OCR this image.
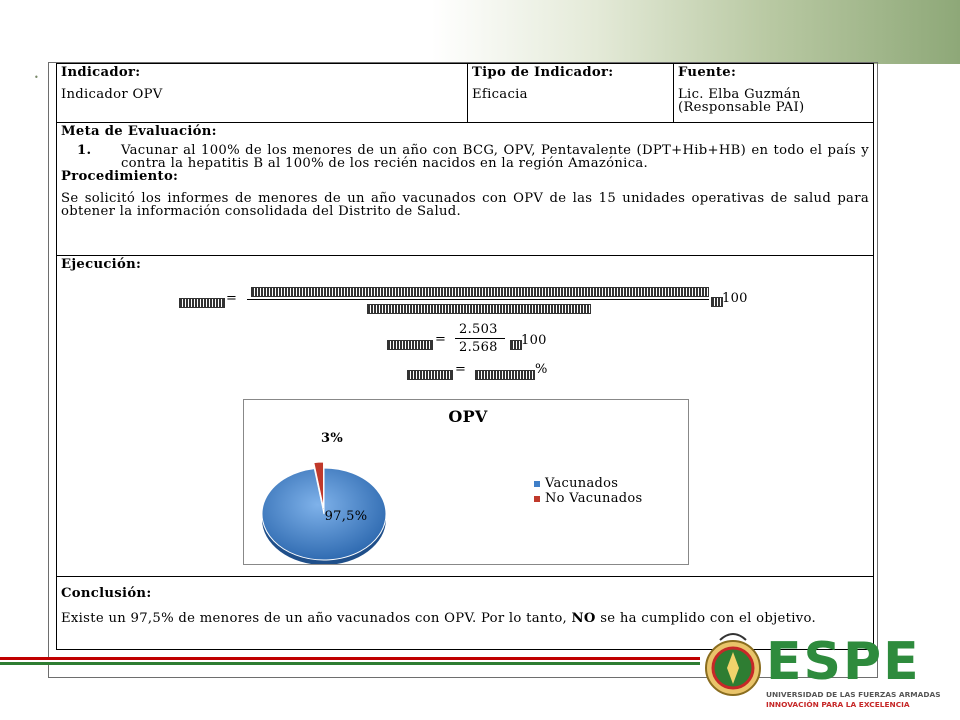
• Indicador:
Indicador OPV

Tipo de Indicador:
Eficacia

Fuente:
Lic. Elba Guzmán
(Responsable PAI)

Meta de Evaluación:
1.	Vacunar al 100% de los menores de un año con BCG, OPV, Pentavalente (DPT+Hib+HB) en todo el país y contra la hepatitis B al 100% de los recién nacidos en la región Amazónica.
Procedimiento:
Se solicitó los informes de menores de un año vacunados con OPV de las 15 unidades operativas de salud para obtener la información consolidada del Distrito de Salud.

Ejecución:
=	100
=
2.503
2.568 100
=	%
OPV
97,5%
3%
Vacunados
No Vacunados

Conclusión:
Existe un 97,5% de menores de un año vacunados con OPV. Por lo tanto, NO se ha cumplido con el objetivo.
ESPE
UNIVERSIDAD DE LAS FUERZAS ARMADAS
INNOVACIÓN PARA LA EXCELENCIA
